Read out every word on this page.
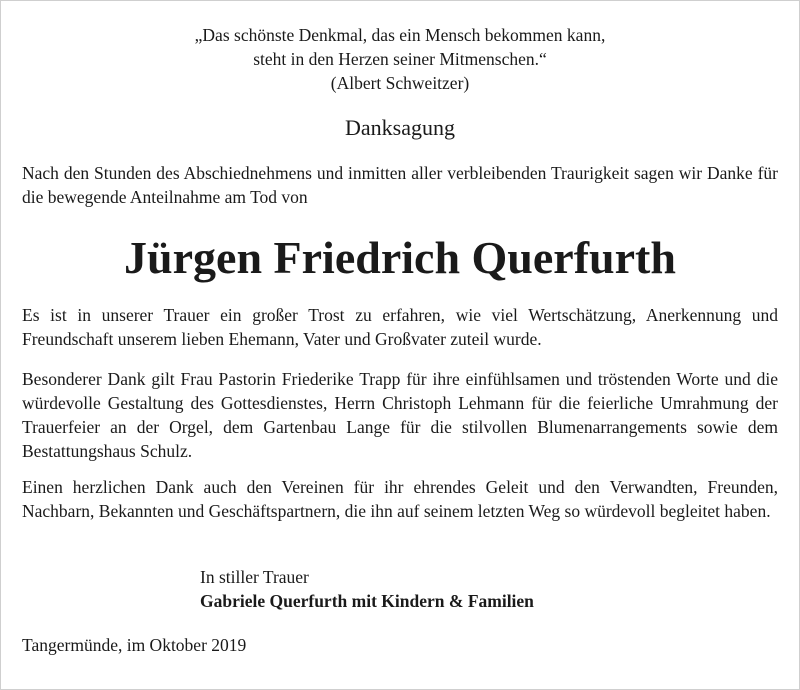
„Das schönste Denkmal, das ein Mensch bekommen kann,
steht in den Herzen seiner Mitmenschen.“
(Albert Schweitzer)
Danksagung
Nach den Stunden des Abschiednehmens und inmitten aller verbleibenden Traurigkeit sagen wir Danke für die bewegende Anteilnahme am Tod von
Jürgen Friedrich Querfurth
Es ist in unserer Trauer ein großer Trost zu erfahren, wie viel Wertschätzung, Anerkennung und Freundschaft unserem lieben Ehemann, Vater und Großvater zuteil wurde.
Besonderer Dank gilt Frau Pastorin Friederike Trapp für ihre einfühlsamen und tröstenden Worte und die würdevolle Gestaltung des Gottesdienstes, Herrn Christoph Lehmann für die feierliche Umrahmung der Trauerfeier an der Orgel, dem Gartenbau Lange für die stilvollen Blumenarrangements sowie dem Bestattungshaus Schulz.
Einen herzlichen Dank auch den Vereinen für ihr ehrendes Geleit und den Verwandten, Freunden, Nachbarn, Bekannten und Geschäftspartnern, die ihn auf seinem letzten Weg so würdevoll begleitet haben.
In stiller Trauer
Gabriele Querfurth mit Kindern & Familien
Tangermünde, im Oktober 2019
